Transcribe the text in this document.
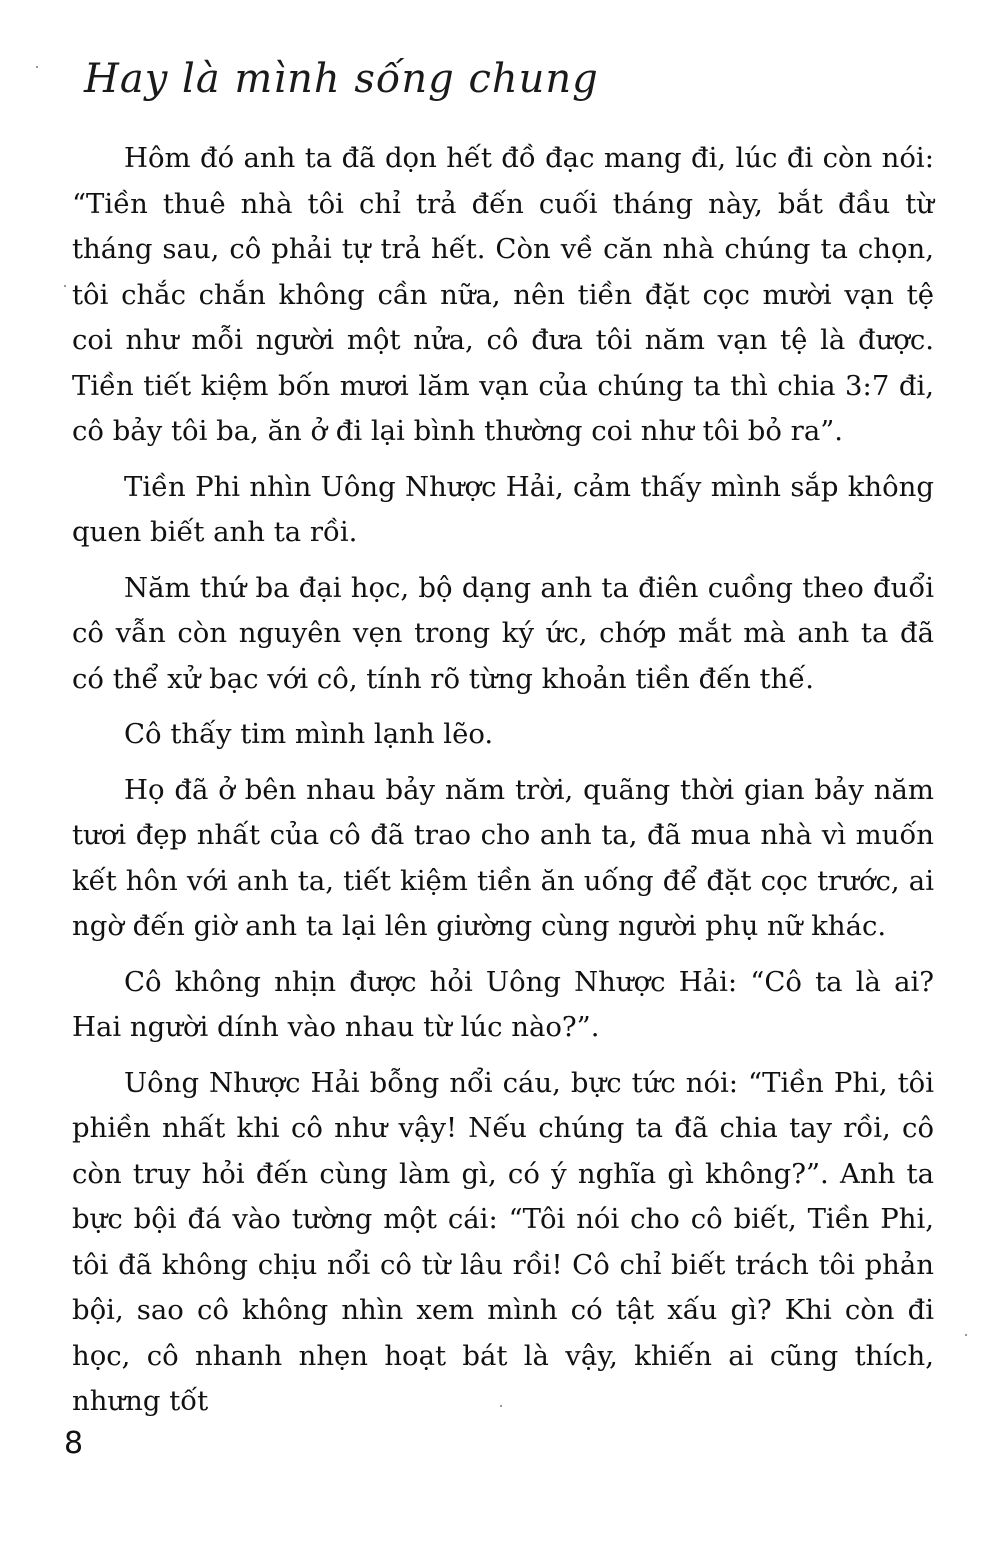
Hay là mình sống chung

Hôm đó anh ta đã dọn hết đồ đạc mang đi, lúc đi còn nói: “Tiền thuê nhà tôi chỉ trả đến cuối tháng này, bắt đầu từ tháng sau, cô phải tự trả hết. Còn về căn nhà chúng ta chọn, tôi chắc chắn không cần nữa, nên tiền đặt cọc mười vạn tệ coi như mỗi người một nửa, cô đưa tôi năm vạn tệ là được. Tiền tiết kiệm bốn mươi lăm vạn của chúng ta thì chia 3:7 đi, cô bảy tôi ba, ăn ở đi lại bình thường coi như tôi bỏ ra”.

Tiền Phi nhìn Uông Nhược Hải, cảm thấy mình sắp không quen biết anh ta rồi.

Năm thứ ba đại học, bộ dạng anh ta điên cuồng theo đuổi cô vẫn còn nguyên vẹn trong ký ức, chớp mắt mà anh ta đã có thể xử bạc với cô, tính rõ từng khoản tiền đến thế.

Cô thấy tim mình lạnh lẽo.

Họ đã ở bên nhau bảy năm trời, quãng thời gian bảy năm tươi đẹp nhất của cô đã trao cho anh ta, đã mua nhà vì muốn kết hôn với anh ta, tiết kiệm tiền ăn uống để đặt cọc trước, ai ngờ đến giờ anh ta lại lên giường cùng người phụ nữ khác.

Cô không nhịn được hỏi Uông Nhược Hải: “Cô ta là ai? Hai người dính vào nhau từ lúc nào?”.

Uông Nhược Hải bỗng nổi cáu, bực tức nói: “Tiền Phi, tôi phiền nhất khi cô như vậy! Nếu chúng ta đã chia tay rồi, cô còn truy hỏi đến cùng làm gì, có ý nghĩa gì không?”. Anh ta bực bội đá vào tường một cái: “Tôi nói cho cô biết, Tiền Phi, tôi đã không chịu nổi cô từ lâu rồi! Cô chỉ biết trách tôi phản bội, sao cô không nhìn xem mình có tật xấu gì? Khi còn đi học, cô nhanh nhẹn hoạt bát là vậy, khiến ai cũng thích, nhưng tốt

8
